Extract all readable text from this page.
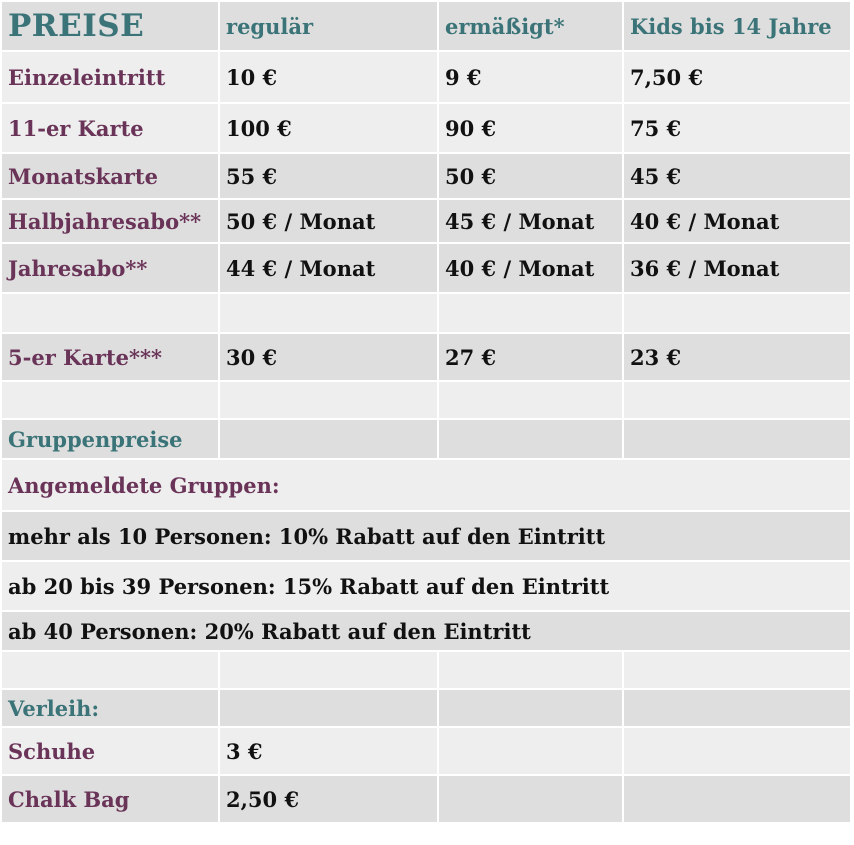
PREISE	regulär	ermäßigt*	Kids bis 14 Jahre
Einzeleintritt	10 €	9 €	7,50 €
11-er Karte	100 €	90 €	75 €
Monatskarte	55 €	50 €	45 €
Halbjahresabo**	50 € / Monat	45 € / Monat	40 € / Monat
Jahresabo**	44 € / Monat	40 € / Monat	36 € / Monat
5-er Karte***	30 €	27 €	23 €
Gruppenpreise
Angemeldete Gruppen:
mehr als 10 Personen: 10% Rabatt auf den Eintritt
ab 20 bis 39 Personen: 15% Rabatt auf den Eintritt
ab 40 Personen: 20% Rabatt auf den Eintritt
Verleih:
Schuhe	3 €
Chalk Bag	2,50 €
